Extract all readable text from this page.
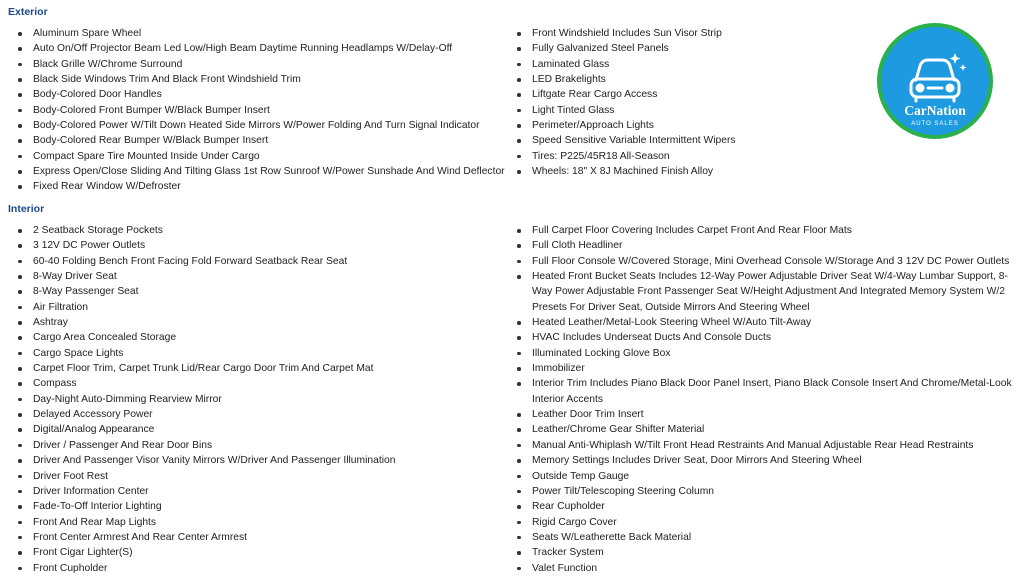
Exterior
Aluminum Spare Wheel
Auto On/Off Projector Beam Led Low/High Beam Daytime Running Headlamps W/Delay-Off
Black Grille W/Chrome Surround
Black Side Windows Trim And Black Front Windshield Trim
Body-Colored Door Handles
Body-Colored Front Bumper W/Black Bumper Insert
Body-Colored Power W/Tilt Down Heated Side Mirrors W/Power Folding And Turn Signal Indicator
Body-Colored Rear Bumper W/Black Bumper Insert
Compact Spare Tire Mounted Inside Under Cargo
Express Open/Close Sliding And Tilting Glass 1st Row Sunroof W/Power Sunshade And Wind Deflector
Fixed Rear Window W/Defroster
Front Windshield Includes Sun Visor Strip
Fully Galvanized Steel Panels
Laminated Glass
LED Brakelights
Liftgate Rear Cargo Access
Light Tinted Glass
Perimeter/Approach Lights
Speed Sensitive Variable Intermittent Wipers
Tires: P225/45R18 All-Season
Wheels: 18" X 8J Machined Finish Alloy
Interior
2 Seatback Storage Pockets
3 12V DC Power Outlets
60-40 Folding Bench Front Facing Fold Forward Seatback Rear Seat
8-Way Driver Seat
8-Way Passenger Seat
Air Filtration
Ashtray
Cargo Area Concealed Storage
Cargo Space Lights
Carpet Floor Trim, Carpet Trunk Lid/Rear Cargo Door Trim And Carpet Mat
Compass
Day-Night Auto-Dimming Rearview Mirror
Delayed Accessory Power
Digital/Analog Appearance
Driver / Passenger And Rear Door Bins
Driver And Passenger Visor Vanity Mirrors W/Driver And Passenger Illumination
Driver Foot Rest
Driver Information Center
Fade-To-Off Interior Lighting
Front And Rear Map Lights
Front Center Armrest And Rear Center Armrest
Front Cigar Lighter(S)
Front Cupholder
Full Carpet Floor Covering Includes Carpet Front And Rear Floor Mats
Full Cloth Headliner
Full Floor Console W/Covered Storage, Mini Overhead Console W/Storage And 3 12V DC Power Outlets
Heated Front Bucket Seats Includes 12-Way Power Adjustable Driver Seat W/4-Way Lumbar Support, 8-Way Power Adjustable Front Passenger Seat W/Height Adjustment And Integrated Memory System W/2 Presets For Driver Seat, Outside Mirrors And Steering Wheel
Heated Leather/Metal-Look Steering Wheel W/Auto Tilt-Away
HVAC Includes Underseat Ducts And Console Ducts
Illuminated Locking Glove Box
Immobilizer
Interior Trim Includes Piano Black Door Panel Insert, Piano Black Console Insert And Chrome/Metal-Look Interior Accents
Leather Door Trim Insert
Leather/Chrome Gear Shifter Material
Manual Anti-Whiplash W/Tilt Front Head Restraints And Manual Adjustable Rear Head Restraints
Memory Settings Includes Driver Seat, Door Mirrors And Steering Wheel
Outside Temp Gauge
Power Tilt/Telescoping Steering Column
Rear Cupholder
Rigid Cargo Cover
Seats W/Leatherette Back Material
Tracker System
Valet Function
CarNation
AUTO SALES
